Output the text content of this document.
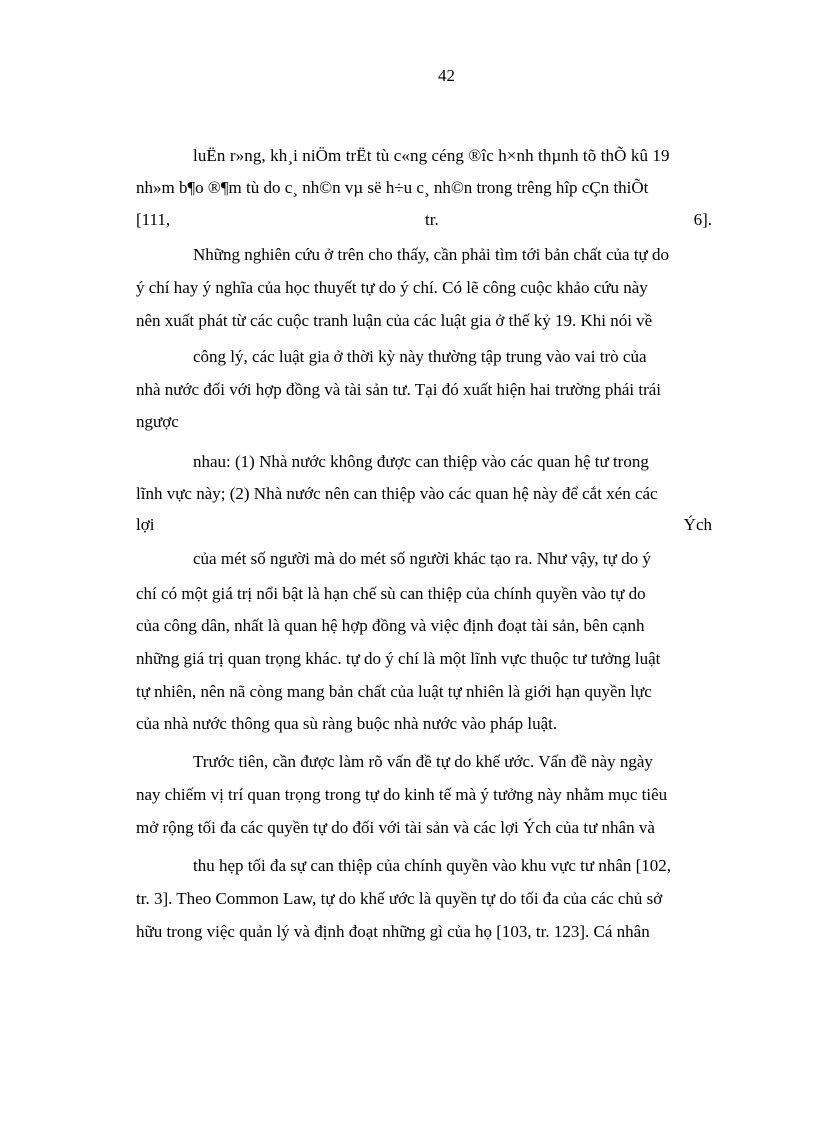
42
luËn r»ng, kh¸i niÖm trËt tù c«ng céng ®îc h×nh thµnh tõ thÕ kû 19
nh»m b¶o ®¶m tù do c¸ nh©n vµ së h÷u c¸ nh©n trong trêng hîp cÇn thiÕt
[111,	tr.	6].
Những nghiên cứu ở trên cho thấy, cần phải tìm tới bản chất của tự do
ý chí hay ý nghĩa của học thuyết tự do ý chí. Có lẽ công cuộc khảo cứu này
nên xuất phát từ các cuộc tranh luận của các luật gia ở thế kỷ 19. Khi nói về
công lý, các luật gia ở thời kỳ này thường tập trung vào vai trò của
nhà nước đối với hợp đồng và tài sản tư. Tại đó xuất hiện hai trường phái trái
ngược
nhau: (1) Nhà nước không được can thiệp vào các quan hệ tư trong
lĩnh vực này; (2) Nhà nước nên can thiệp vào các quan hệ này để cắt xén các
lợi	Ých
của mét số người mà do mét số người khác tạo ra. Như vậy, tự do ý
chí có một giá trị nổi bật là hạn chế sù can thiệp của chính quyền vào tự do
của công dân, nhất là quan hệ hợp đồng và việc định đoạt tài sản, bên cạnh
những giá trị quan trọng khác. tự do ý chí là một lĩnh vực thuộc tư tưởng luật
tự nhiên, nên nã còng mang bản chất của luật tự nhiên là giới hạn quyền lực
của nhà nước thông qua sù ràng buộc nhà nước vào pháp luật.
Trước tiên, cần được làm rõ vấn đề tự do khế ước. Vấn đề này ngày
nay chiếm vị trí quan trọng trong tự do kinh tế mà ý tưởng này nhằm mục tiêu
mở rộng tối đa các quyền tự do đối với tài sản và các lợi Ých của tư nhân và
thu hẹp tối đa sự can thiệp của chính quyền vào khu vực tư nhân [102,
tr. 3]. Theo Common Law, tự do khế ước là quyền tự do tối đa của các chủ sở
hữu trong việc quản lý và định đoạt những gì của họ [103, tr. 123]. Cá nhân
